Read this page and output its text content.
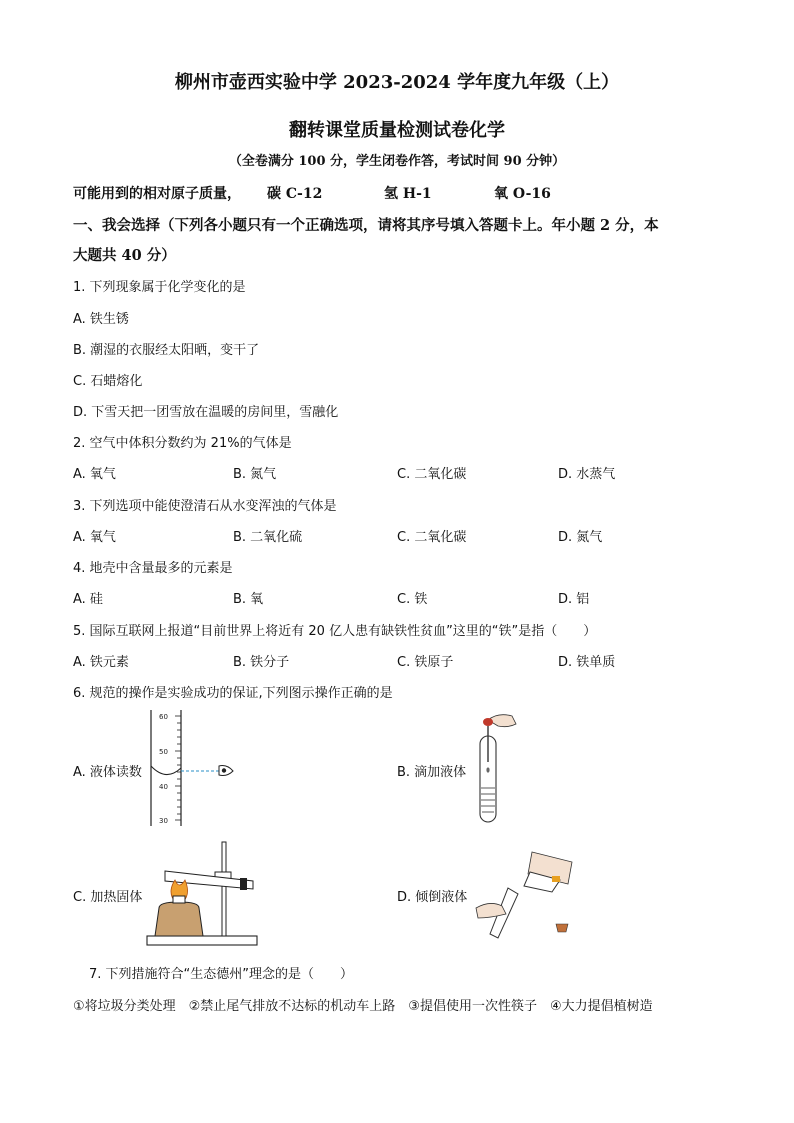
柳州市壶西实验中学 2023-2024 学年度九年级（上）
翻转课堂质量检测试卷化学
（全卷满分 100 分，学生闭卷作答，考试时间 90 分钟）
可能用到的相对原子质量， 碳 C-12	氢 H-1	氧 O-16
一、我会选择（下列各小题只有一个正确选项，请将其序号填入答题卡上。年小题 2 分，本
大题共 40 分）
1. 下列现象属于化学变化的是
A. 铁生锈
B. 潮湿的衣服经太阳晒，变干了
C. 石蜡熔化
D. 下雪天把一团雪放在温暖的房间里，雪融化
2. 空气中体积分数约为 21%的气体是
A. 氧气	B. 氮气	C. 二氧化碳	D. 水蒸气
3. 下列选项中能使澄清石从水变浑浊的气体是
A. 氧气	B. 二氧化硫	C. 二氧化碳	D. 氮气
4. 地壳中含量最多的元素是
A. 硅	B. 氧	C. 铁	D. 铝
5. 国际互联网上报道“目前世界上将近有 20 亿人患有缺铁性贫血”这里的“铁”是指（　　）
A. 铁元素	B. 铁分子	C. 铁原子	D. 铁单质
6. 规范的操作是实验成功的保证,下列图示操作正确的是
A. 液体读数
60
50
40
30
B. 滴加液体
C. 加热固体	D. 倾倒液体
7. 下列措施符合“生态德州”理念的是（　　）
①将垃圾分类处理　②禁止尾气排放不达标的机动车上路　③提倡使用一次性筷子　④大力提倡植树造
